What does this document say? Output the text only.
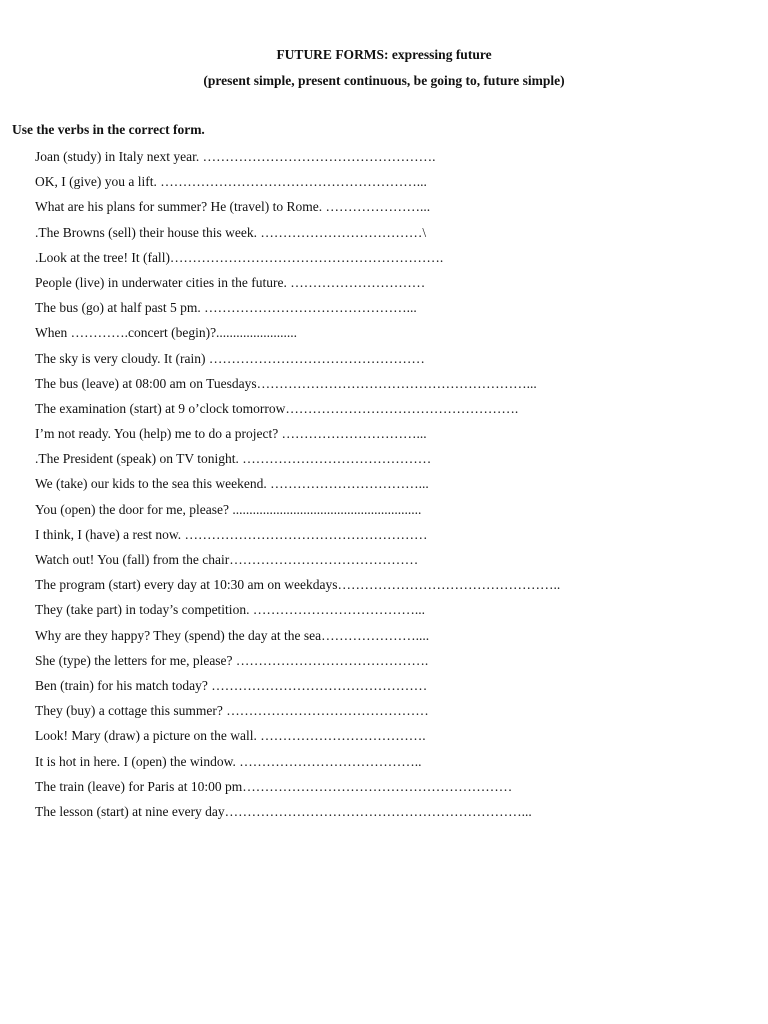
FUTURE FORMS: expressing future

(present simple, present continuous, be going to, future simple)

Use the verbs in the correct form.

Joan (study) in Italy next year. …………………………………………….
OK, I (give) you a lift. …………………………………………………...
What are his plans for summer? He (travel) to Rome. …………………...
.The Browns (sell) their house this week. ………………………………\
.Look at the tree! It (fall)…………………………………………………….
People (live) in underwater cities in the future. …………………………
The bus (go) at half past 5 pm. ………………………………………...
When ………….concert (begin)?........................
The sky is very cloudy. It (rain) …………………………………………
The bus (leave) at 08:00 am on Tuesdays……………………………………………………...
The examination (start) at 9 o’clock tomorrow…………………………………………….
I’m not ready. You (help) me to do a project? …………………………...
.The President (speak) on TV tonight. ……………………………………
We (take) our kids to the sea this weekend. ……………………………...
You (open) the door for me, please? ........................................................
I think, I (have) a rest now. ………………………………………………
Watch out! You (fall) from the chair……………………………………
The program (start) every day at 10:30 am on weekdays…………………………………………..
They (take part) in today’s competition. ………………………………...
Why are they happy? They (spend) the day at the sea…………………....
She (type) the letters for me, please? …………………………………….
Ben (train) for his match today? …………………………………………
They (buy) a cottage this summer? ………………………………………
Look! Mary (draw) a picture on the wall. ……………………………….
It is hot in here. I (open) the window. …………………………………..
The train (leave) for Paris at 10:00 pm……………………………………………………
The lesson (start) at nine every day…………………………………………………………...
